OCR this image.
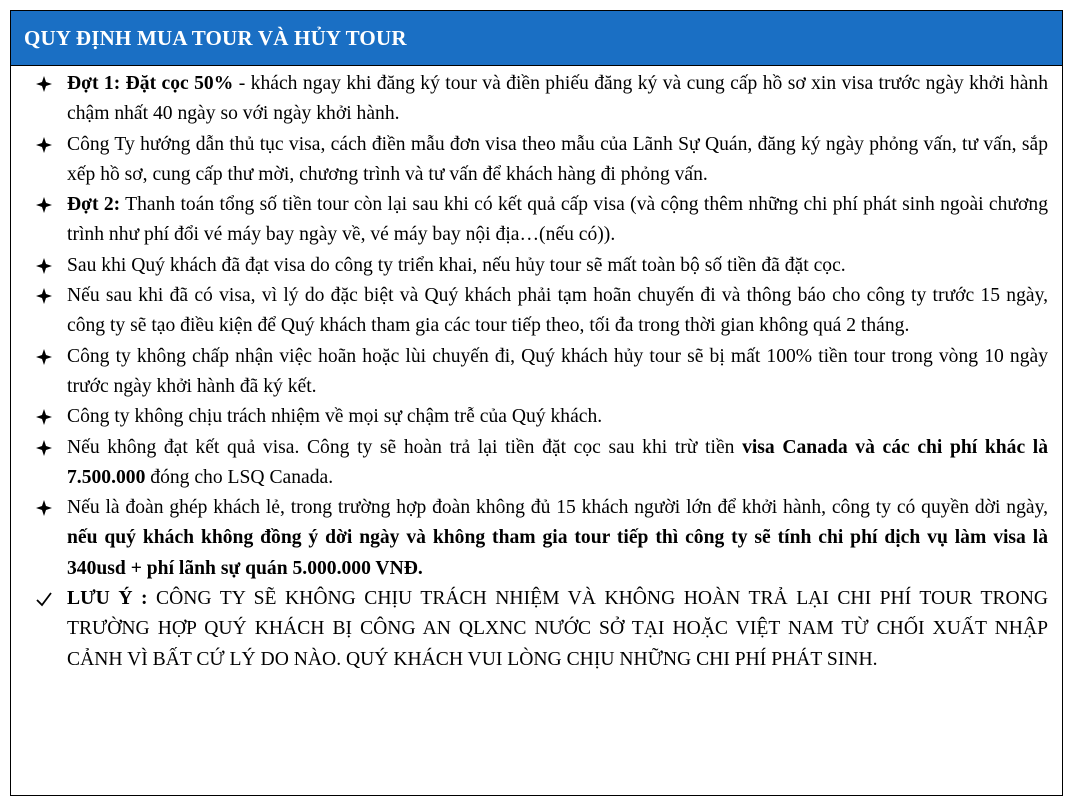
QUY ĐỊNH MUA TOUR VÀ HỦY TOUR
Đợt 1: Đặt cọc 50% - khách ngay khi đăng ký tour và điền phiếu đăng ký và cung cấp hồ sơ xin visa trước ngày khởi hành chậm nhất 40 ngày so với ngày khởi hành.
Công Ty hướng dẫn thủ tục visa, cách điền mẫu đơn visa theo mẫu của Lãnh Sự Quán, đăng ký ngày phỏng vấn, tư vấn, sắp xếp hồ sơ, cung cấp thư mời, chương trình và tư vấn để khách hàng đi phỏng vấn.
Đợt 2: Thanh toán tổng số tiền tour còn lại sau khi có kết quả cấp visa (và cộng thêm những chi phí phát sinh ngoài chương trình như phí đổi vé máy bay ngày về, vé máy bay nội địa…(nếu có)).
Sau khi Quý khách đã đạt visa do công ty triển khai, nếu hủy tour sẽ mất toàn bộ số tiền đã đặt cọc.
Nếu sau khi đã có visa, vì lý do đặc biệt và Quý khách phải tạm hoãn chuyến đi và thông báo cho công ty trước 15 ngày, công ty sẽ tạo điều kiện để Quý khách tham gia các tour tiếp theo, tối đa trong thời gian không quá 2 tháng.
Công ty không chấp nhận việc hoãn hoặc lùi chuyến đi, Quý khách hủy tour sẽ bị mất 100% tiền tour trong vòng 10 ngày trước ngày khởi hành đã ký kết.
Công ty không chịu trách nhiệm về mọi sự chậm trễ của Quý khách.
Nếu không đạt kết quả visa. Công ty sẽ hoàn trả lại tiền đặt cọc sau khi trừ tiền visa Canada và các chi phí khác là 7.500.000 đóng cho LSQ Canada.
Nếu là đoàn ghép khách lẻ, trong trường hợp đoàn không đủ 15 khách người lớn để khởi hành, công ty có quyền dời ngày, nếu quý khách không đồng ý dời ngày và không tham gia tour tiếp thì công ty sẽ tính chi phí dịch vụ làm visa là 340usd + phí lãnh sự quán 5.000.000 VNĐ.
LƯU Ý : CÔNG TY SẼ KHÔNG CHỊU TRÁCH NHIỆM VÀ KHÔNG HOÀN TRẢ LẠI CHI PHÍ TOUR TRONG TRƯỜNG HỢP QUÝ KHÁCH BỊ CÔNG AN QLXNC NƯỚC SỞ TẠI HOẶC VIỆT NAM TỪ CHỐI XUẤT NHẬP CẢNH VÌ BẤT CỨ LÝ DO NÀO. QUÝ KHÁCH VUI LÒNG CHỊU NHỮNG CHI PHÍ PHÁT SINH.
